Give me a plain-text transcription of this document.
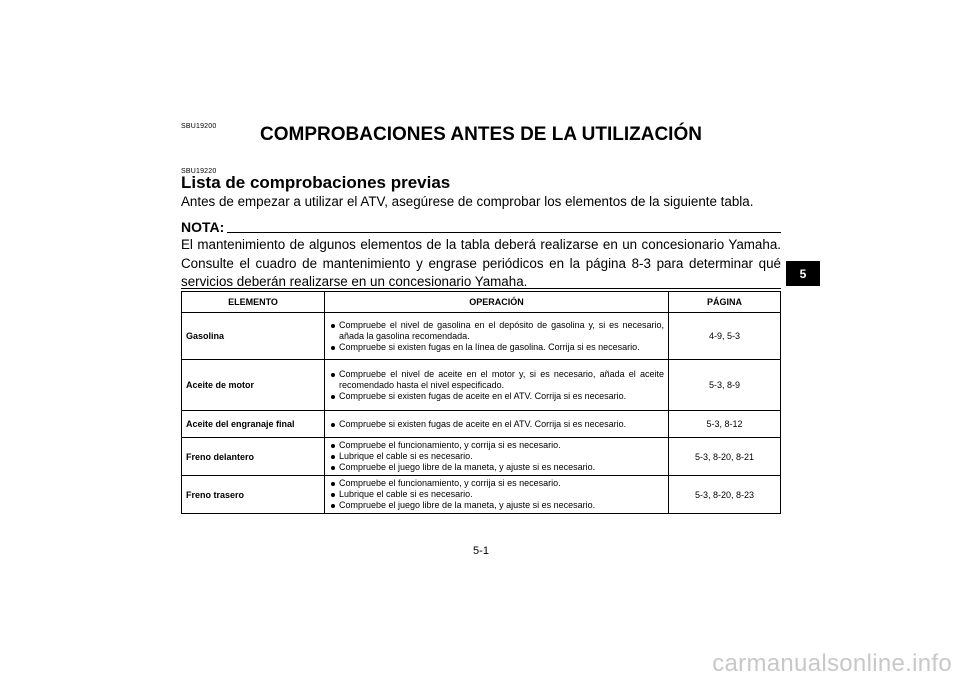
SBU19200	COMPROBACIONES ANTES DE LA UTILIZACIÓN
SBU19220
Lista de comprobaciones previas

Antes de empezar a utilizar el ATV, asegúrese de comprobar los elementos de la siguiente tabla.

NOTA:

El mantenimiento de algunos elementos de la tabla deberá realizarse en un concesionario Yamaha. Consulte el cuadro de mantenimiento y engrase periódicos en la página 8-3 para determinar qué servicios deberán realizarse en un concesionario Yamaha.

ELEMENTO	OPERACIÓN	PÁGINA
Gasolina	Compruebe el nivel de gasolina en el depósito de gasolina y, si es necesario, añada la gasolina recomendada.
Compruebe si existen fugas en la línea de gasolina. Corrija si es necesario.	4-9, 5-3
Aceite de motor	Compruebe el nivel de aceite en el motor y, si es necesario, añada el aceite recomendado hasta el nivel especificado.
Compruebe si existen fugas de aceite en el ATV. Corrija si es necesario.	5-3, 8-9
Aceite del engranaje final	Compruebe si existen fugas de aceite en el ATV. Corrija si es necesario.	5-3, 8-12
Freno delantero	Compruebe el funcionamiento, y corrija si es necesario.
Lubrique el cable si es necesario.
Compruebe el juego libre de la maneta, y ajuste si es necesario.	5-3, 8-20, 8-21
Freno trasero	Compruebe el funcionamiento, y corrija si es necesario.
Lubrique el cable si es necesario.
Compruebe el juego libre de la maneta, y ajuste si es necesario.	5-3, 8-20, 8-23
5-1
5
carmanualsonline.info
